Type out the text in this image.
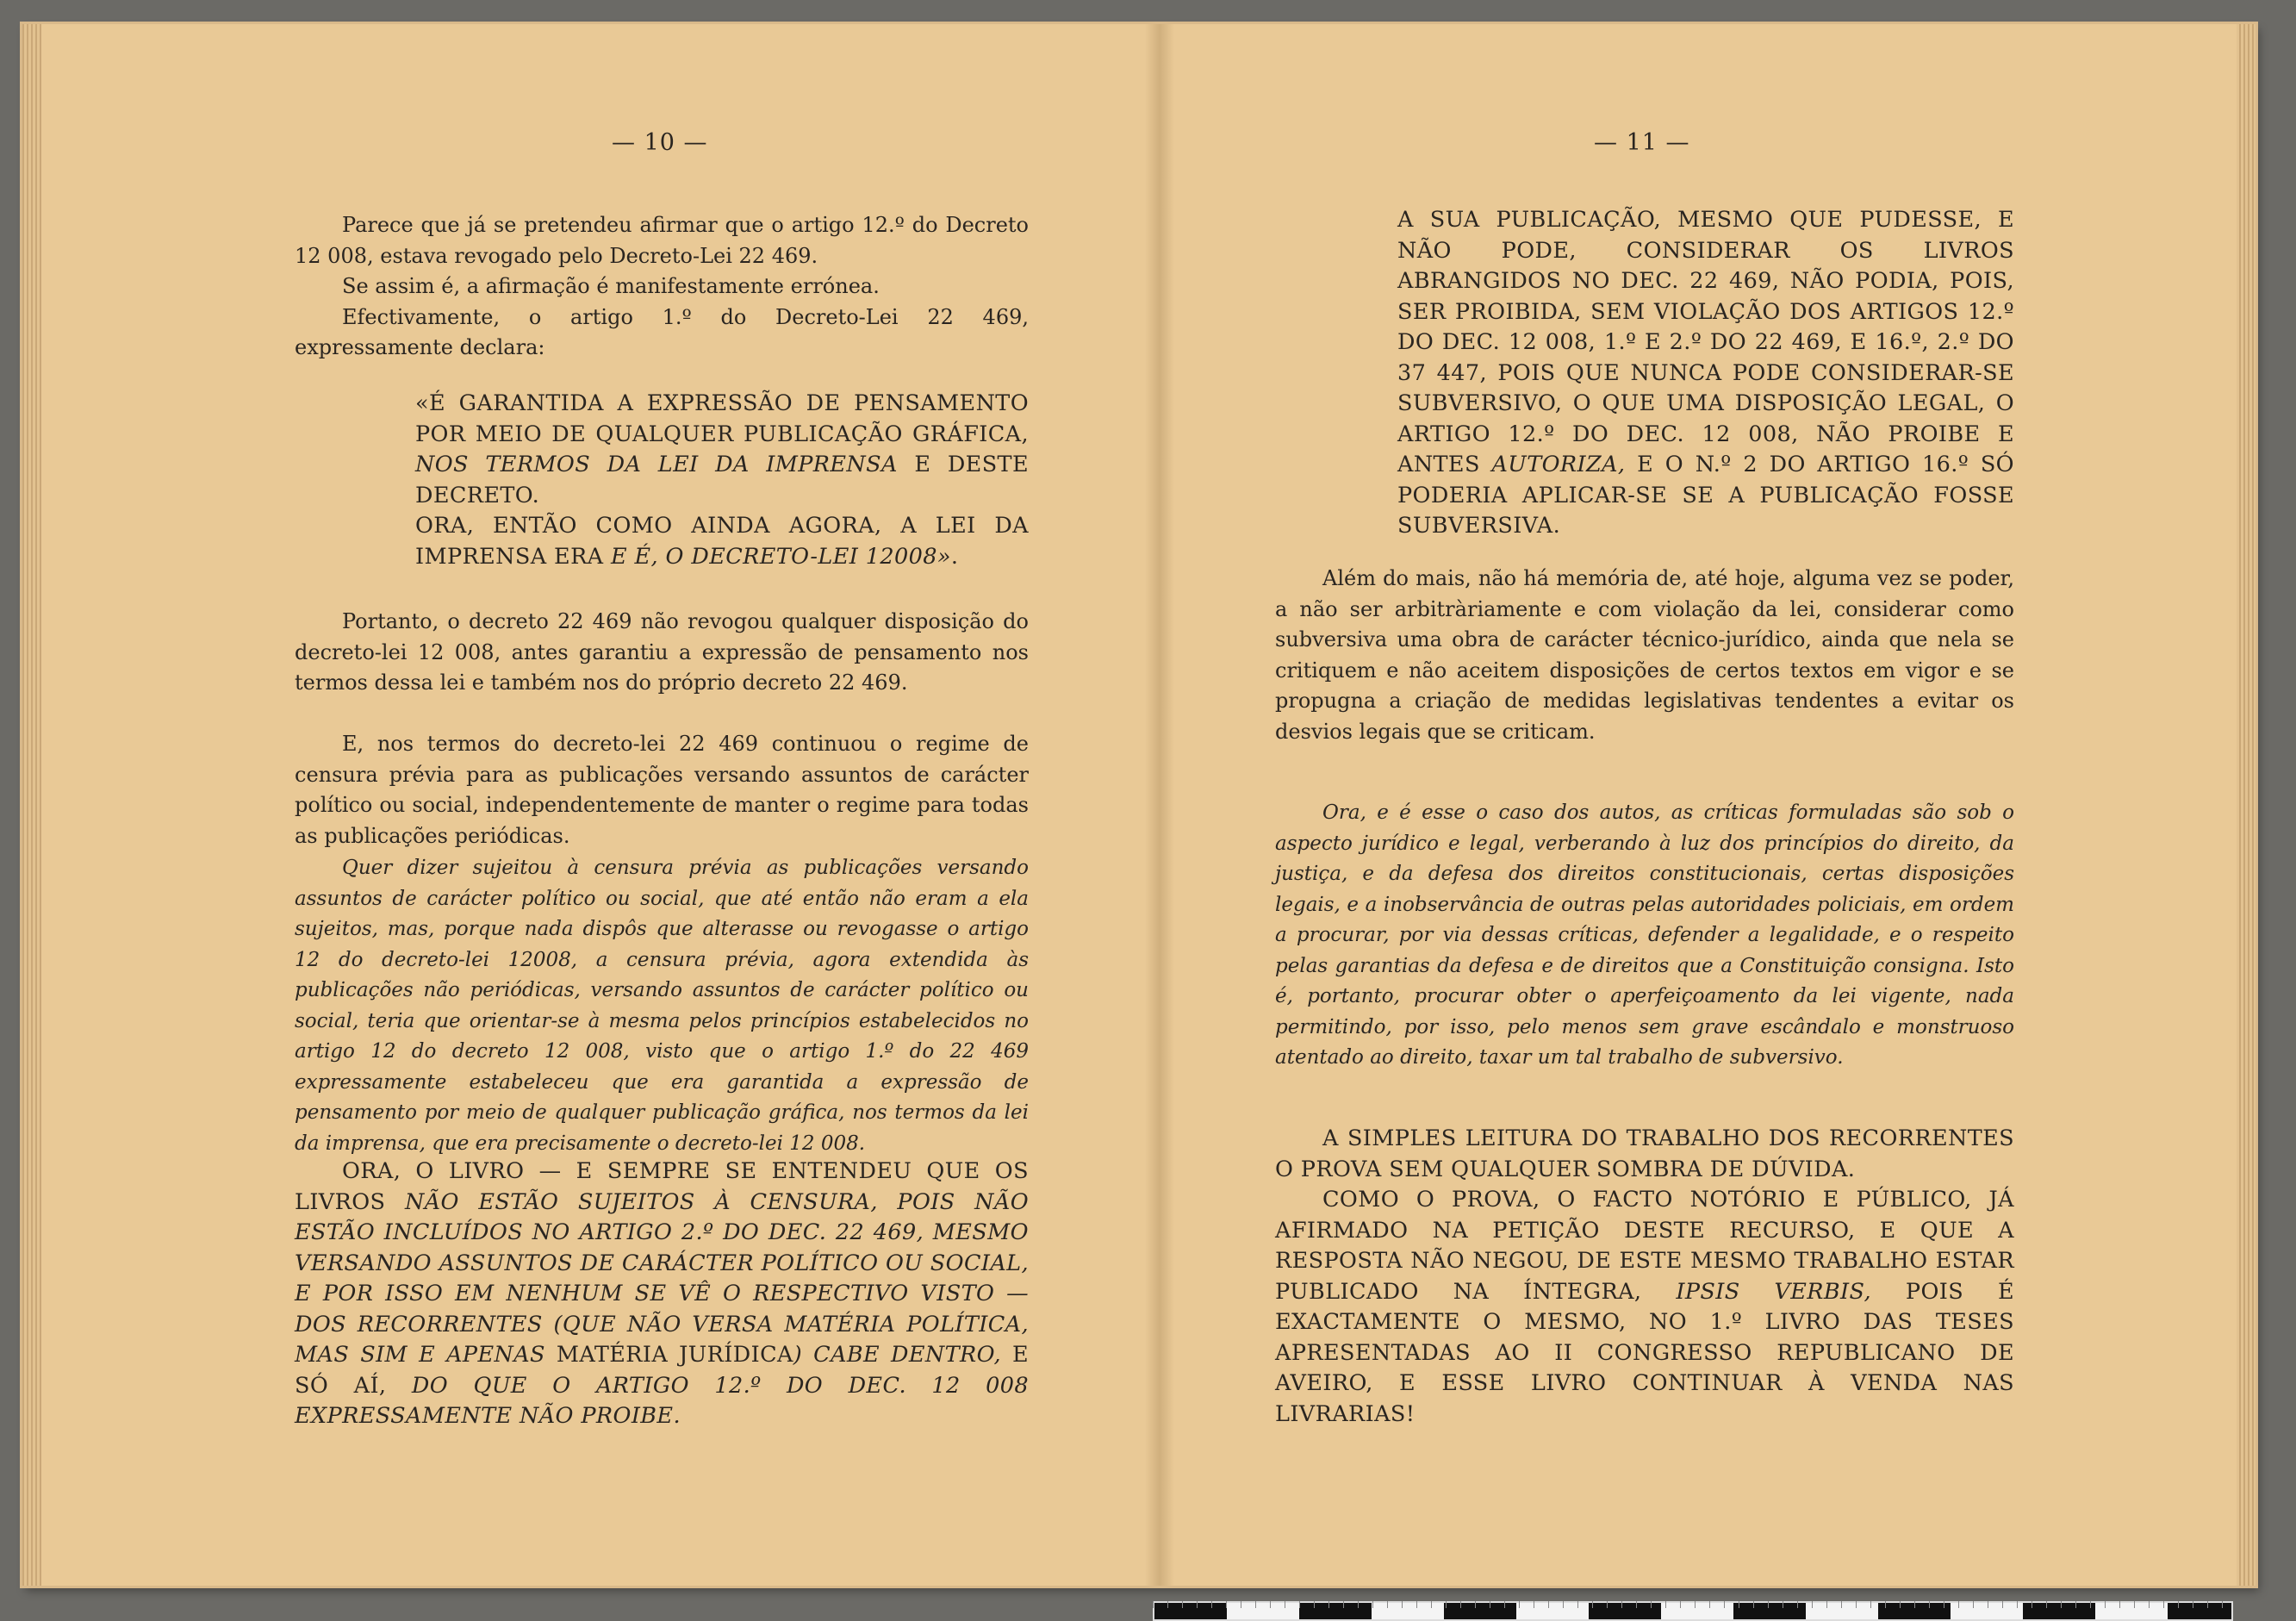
— 10 —

Parece que já se pretendeu afirmar que o artigo 12.º do Decreto 12 008, estava revogado pelo Decreto-Lei 22 469.

Se assim é, a afirmação é manifestamente errónea.

Efectivamente, o artigo 1.º do Decreto-Lei 22 469, expressamente declara:

«É GARANTIDA A EXPRESSÃO DE PENSAMENTO POR MEIO DE QUALQUER PUBLICAÇÃO GRÁFICA, NOS TERMOS DA LEI DA IMPRENSA E DESTE DECRETO.

ORA, ENTÃO COMO AINDA AGORA, A LEI DA IMPRENSA ERA E É, O DECRETO-LEI 12008».

Portanto, o decreto 22 469 não revogou qualquer disposição do decreto-lei 12 008, antes garantiu a expressão de pensamento nos termos dessa lei e também nos do próprio decreto 22 469.

E, nos termos do decreto-lei 22 469 continuou o regime de censura prévia para as publicações versando assuntos de carácter político ou social, independentemente de manter o regime para todas as publicações periódicas.

Quer dizer sujeitou à censura prévia as publicações versando assuntos de carácter político ou social, que até então não eram a ela sujeitos, mas, porque nada dispôs que alterasse ou revogasse o artigo 12 do decreto-lei 12008, a censura prévia, agora extendida às publicações não periódicas, versando assuntos de carácter político ou social, teria que orientar-se à mesma pelos princípios estabelecidos no artigo 12 do decreto 12 008, visto que o artigo 1.º do 22 469 expressamente estabeleceu que era garantida a expressão de pensamento por meio de qualquer publicação gráfica, nos termos da lei da imprensa, que era precisamente o decreto-lei 12 008.

ORA, O LIVRO — E SEMPRE SE ENTENDEU QUE OS LIVROS NÃO ESTÃO SUJEITOS À CENSURA, POIS NÃO ESTÃO INCLUÍDOS NO ARTIGO 2.º DO DEC. 22 469, MESMO VERSANDO ASSUNTOS DE CARÁCTER POLÍTICO OU SOCIAL, E POR ISSO EM NENHUM SE VÊ O RESPECTIVO VISTO — DOS RECORRENTES (QUE NÃO VERSA MATÉRIA POLÍTICA, MAS SIM E APENAS MATÉRIA JURÍDICA) CABE DENTRO, E SÓ AÍ, DO QUE O ARTIGO 12.º DO DEC. 12 008 EXPRESSAMENTE NÃO PROIBE.

— 11 —

A SUA PUBLICAÇÃO, MESMO QUE PUDESSE, E NÃO PODE, CONSIDERAR OS LIVROS ABRANGIDOS NO DEC. 22 469, NÃO PODIA, POIS, SER PROIBIDA, SEM VIOLAÇÃO DOS ARTIGOS 12.º DO DEC. 12 008, 1.º E 2.º DO 22 469, E 16.º, 2.º DO 37 447, POIS QUE NUNCA PODE CONSIDERAR-SE SUBVERSIVO, O QUE UMA DISPOSIÇÃO LEGAL, O ARTIGO 12.º DO DEC. 12 008, NÃO PROIBE E ANTES AUTORIZA, E O N.º 2 DO ARTIGO 16.º SÓ PODERIA APLICAR-SE SE A PUBLICAÇÃO FOSSE SUBVERSIVA.

Além do mais, não há memória de, até hoje, alguma vez se poder, a não ser arbitràriamente e com violação da lei, considerar como subversiva uma obra de carácter técnico-jurídico, ainda que nela se critiquem e não aceitem disposições de certos textos em vigor e se propugna a criação de medidas legislativas tendentes a evitar os desvios legais que se criticam.

Ora, e é esse o caso dos autos, as críticas formuladas são sob o aspecto jurídico e legal, verberando à luz dos princípios do direito, da justiça, e da defesa dos direitos constitucionais, certas disposições legais, e a inobservância de outras pelas autoridades policiais, em ordem a procurar, por via dessas críticas, defender a legalidade, e o respeito pelas garantias da defesa e de direitos que a Constituição consigna. Isto é, portanto, procurar obter o aperfeiçoamento da lei vigente, nada permitindo, por isso, pelo menos sem grave escândalo e monstruoso atentado ao direito, taxar um tal trabalho de subversivo.

A SIMPLES LEITURA DO TRABALHO DOS RECORRENTES O PROVA SEM QUALQUER SOMBRA DE DÚVIDA.

COMO O PROVA, O FACTO NOTÓRIO E PÚBLICO, JÁ AFIRMADO NA PETIÇÃO DESTE RECURSO, E QUE A RESPOSTA NÃO NEGOU, DE ESTE MESMO TRABALHO ESTAR PUBLICADO NA ÍNTEGRA, IPSIS VERBIS, POIS É EXACTAMENTE O MESMO, NO 1.º LIVRO DAS TESES APRESENTADAS AO II CONGRESSO REPUBLICANO DE AVEIRO, E ESSE LIVRO CONTINUAR À VENDA NAS LIVRARIAS!
